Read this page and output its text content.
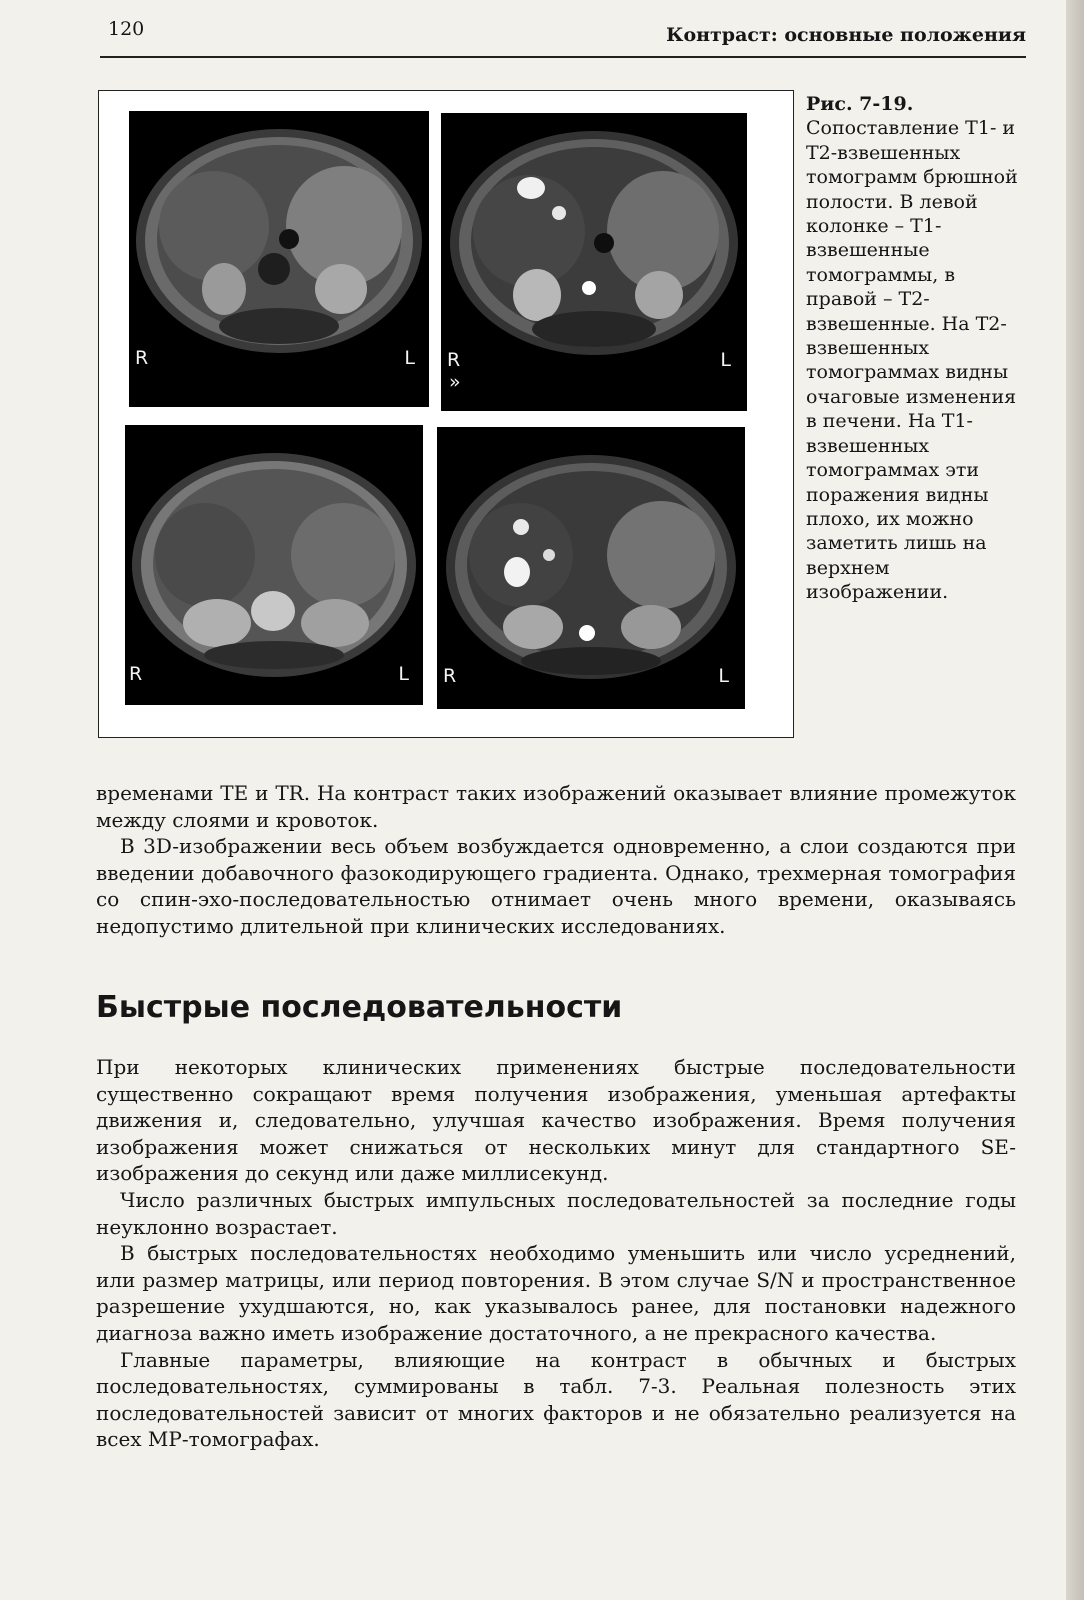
120	Контраст: основные положения
R	L R
»
L
R	L R	L
Рис. 7-19.
Сопоставление Т1- и Т2-взвешенных томограмм брюшной полости. В левой колонке – Т1-взвешенные томограммы, в правой – Т2-взвешенные. На Т2-взвешенных томограммах видны очаговые изменения в печени. На Т1-взвешенных томограммах эти поражения видны плохо, их можно заметить лишь на верхнем изображении.

временами TE и TR. На контраст таких изображений оказывает влияние промежуток между слоями и кровоток.

В 3D-изображении весь объем возбуждается одновременно, а слои создаются при введении добавочного фазокодирующего градиента. Однако, трехмерная томография со спин-эхо-последовательностью отнимает очень много времени, оказываясь недопустимо длительной при клинических исследованиях.

Быстрые последовательности

При некоторых клинических применениях быстрые последовательности существенно сокращают время получения изображения, уменьшая артефакты движения и, следовательно, улучшая качество изображения. Время получения изображения может снижаться от нескольких минут для стандартного SE-изображения до секунд или даже миллисекунд.

Число различных быстрых импульсных последовательностей за последние годы неуклонно возрастает.

В быстрых последовательностях необходимо уменьшить или число усреднений, или размер матрицы, или период повторения. В этом случае S/N и пространственное разрешение ухудшаются, но, как указывалось ранее, для постановки надежного диагноза важно иметь изображение достаточного, а не прекрасного качества.

Главные параметры, влияющие на контраст в обычных и быстрых последовательностях, суммированы в табл. 7-3. Реальная полезность этих последовательностей зависит от многих факторов и не обязательно реализуется на всех МР-томографах.
